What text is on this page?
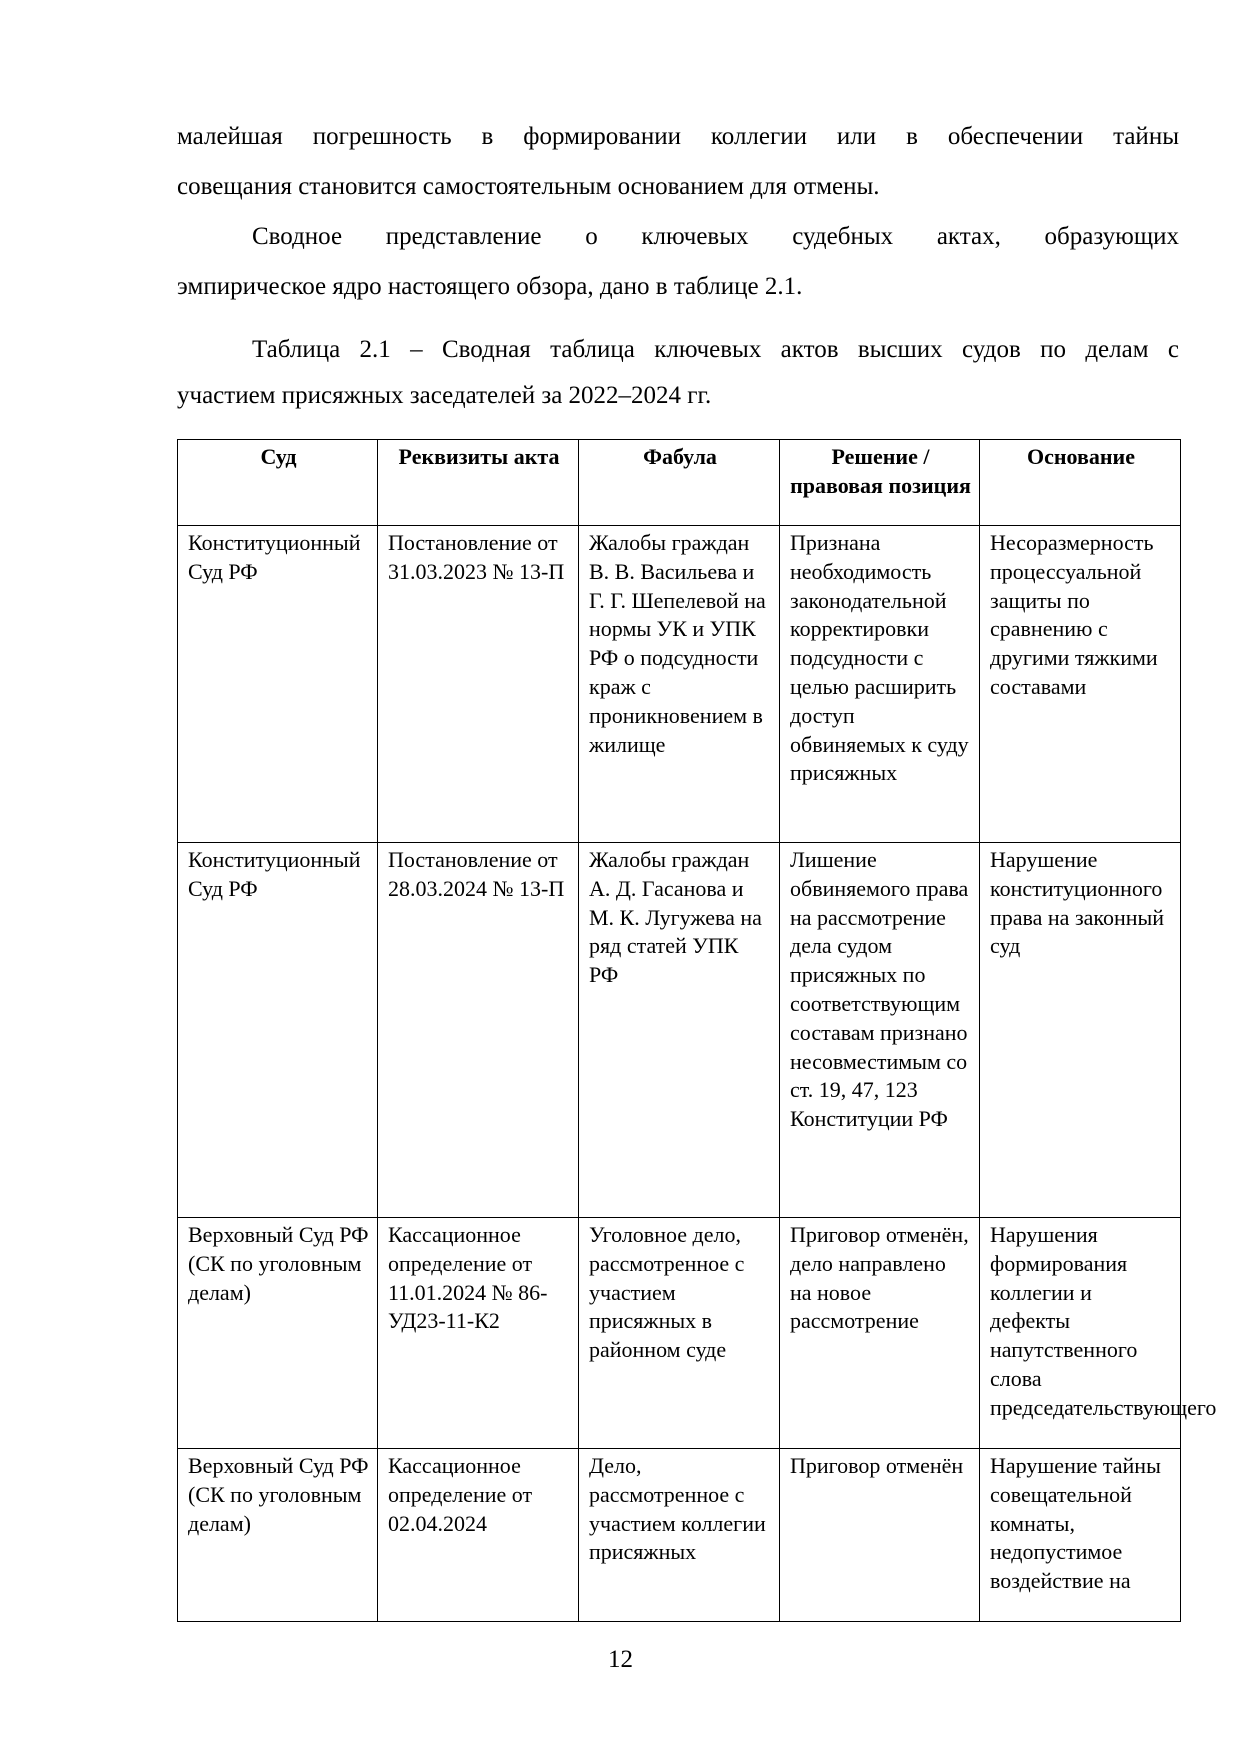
малейшая погрешность в формировании коллегии или в обеспечении тайны

совещания становится самостоятельным основанием для отмены.

Сводное представление о ключевых судебных актах, образующих

эмпирическое ядро настоящего обзора, дано в таблице 2.1.

Таблица 2.1 – Сводная таблица ключевых актов высших судов по делам с

участием присяжных заседателей за 2022–2024 гг.

Суд	Реквизиты акта	Фабула	Решение / правовая позиция	Основание
Конституционный Суд РФ	Постановление от 31.03.2023 № 13-П	Жалобы граждан В. В. Васильева и Г. Г. Шепелевой на нормы УК и УПК РФ о подсудности краж с проникновением в жилище	Признана необходимость законодательной корректировки подсудности с целью расширить доступ обвиняемых к суду присяжных	Несоразмерность процессуальной защиты по сравнению с другими тяжкими составами
Конституционный Суд РФ	Постановление от 28.03.2024 № 13-П	Жалобы граждан А. Д. Гасанова и М. К. Лугужева на ряд статей УПК РФ	Лишение обвиняемого права на рассмотрение дела судом присяжных по соответствующим составам признано несовместимым со ст. 19, 47, 123 Конституции РФ	Нарушение конституционного права на законный суд
Верховный Суд РФ (СК по уголовным делам)	Кассационное определение от 11.01.2024 № 86-УД23-11-К2	Уголовное дело, рассмотренное с участием присяжных в районном суде	Приговор отменён, дело направлено на новое рассмотрение	Нарушения формирования коллегии и дефекты напутственного слова председательствующего
Верховный Суд РФ (СК по уголовным делам)	Кассационное определение от 02.04.2024	Дело, рассмотренное с участием коллегии присяжных	Приговор отменён	Нарушение тайны совещательной комнаты, недопустимое воздействие на
12
